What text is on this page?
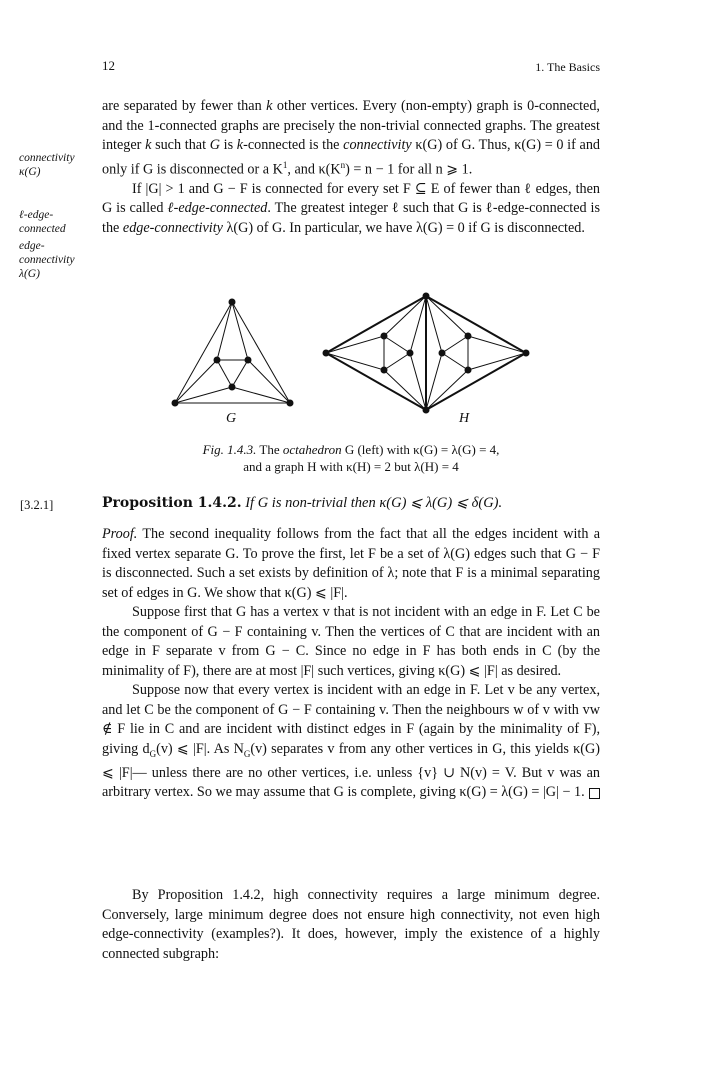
12	1. The Basics
connectivity
κ(G)
ℓ-edge-
connected
edge-
connectivity
λ(G)

are separated by fewer than k other vertices. Every (non-empty) graph is 0-connected, and the 1-connected graphs are precisely the non-trivial connected graphs. The greatest integer k such that G is k-connected is the connectivity κ(G) of G. Thus, κ(G) = 0 if and only if G is disconnected or a $K^1$, and $\kappa(K^n) = n - 1$ for all n ⩾ 1.

If |G| > 1 and G − F is connected for every set F ⊆ E of fewer than ℓ edges, then G is called ℓ-edge-connected. The greatest integer ℓ such that G is ℓ-edge-connected is the edge-connectivity λ(G) of G. In particular, we have λ(G) = 0 if G is disconnected.

G	H
Fig. 1.4.3. The octahedron G (left) with κ(G) = λ(G) = 4,
and a graph H with κ(H) = 2 but λ(H) = 4
[3.2.1]	Proposition 1.4.2. If G is non-trivial then κ(G) ⩽ λ(G) ⩽ δ(G).

Proof. The second inequality follows from the fact that all the edges incident with a fixed vertex separate G. To prove the first, let F be a set of λ(G) edges such that G − F is disconnected. Such a set exists by definition of λ; note that F is a minimal separating set of edges in G. We show that κ(G) ⩽ |F|.

Suppose first that G has a vertex v that is not incident with an edge in F. Let C be the component of G − F containing v. Then the vertices of C that are incident with an edge in F separate v from G − C. Since no edge in F has both ends in C (by the minimality of F), there are at most |F| such vertices, giving κ(G) ⩽ |F| as desired.

Suppose now that every vertex is incident with an edge in F. Let v be any vertex, and let C be the component of G − F containing v. Then the neighbours w of v with vw ∉ F lie in C and are incident with distinct edges in F (again by the minimality of F), giving $d_G(v)$ ⩽ |F|. As $N_G(v)$ separates v from any other vertices in G, this yields κ(G) ⩽ |F|— unless there are no other vertices, i.e. unless {v} ∪ N(v) = V. But v was an arbitrary vertex. So we may assume that G is complete, giving κ(G) = λ(G) = |G| − 1.

By Proposition 1.4.2, high connectivity requires a large minimum degree. Conversely, large minimum degree does not ensure high connectivity, not even high edge-connectivity (examples?). It does, however, imply the existence of a highly connected subgraph:
